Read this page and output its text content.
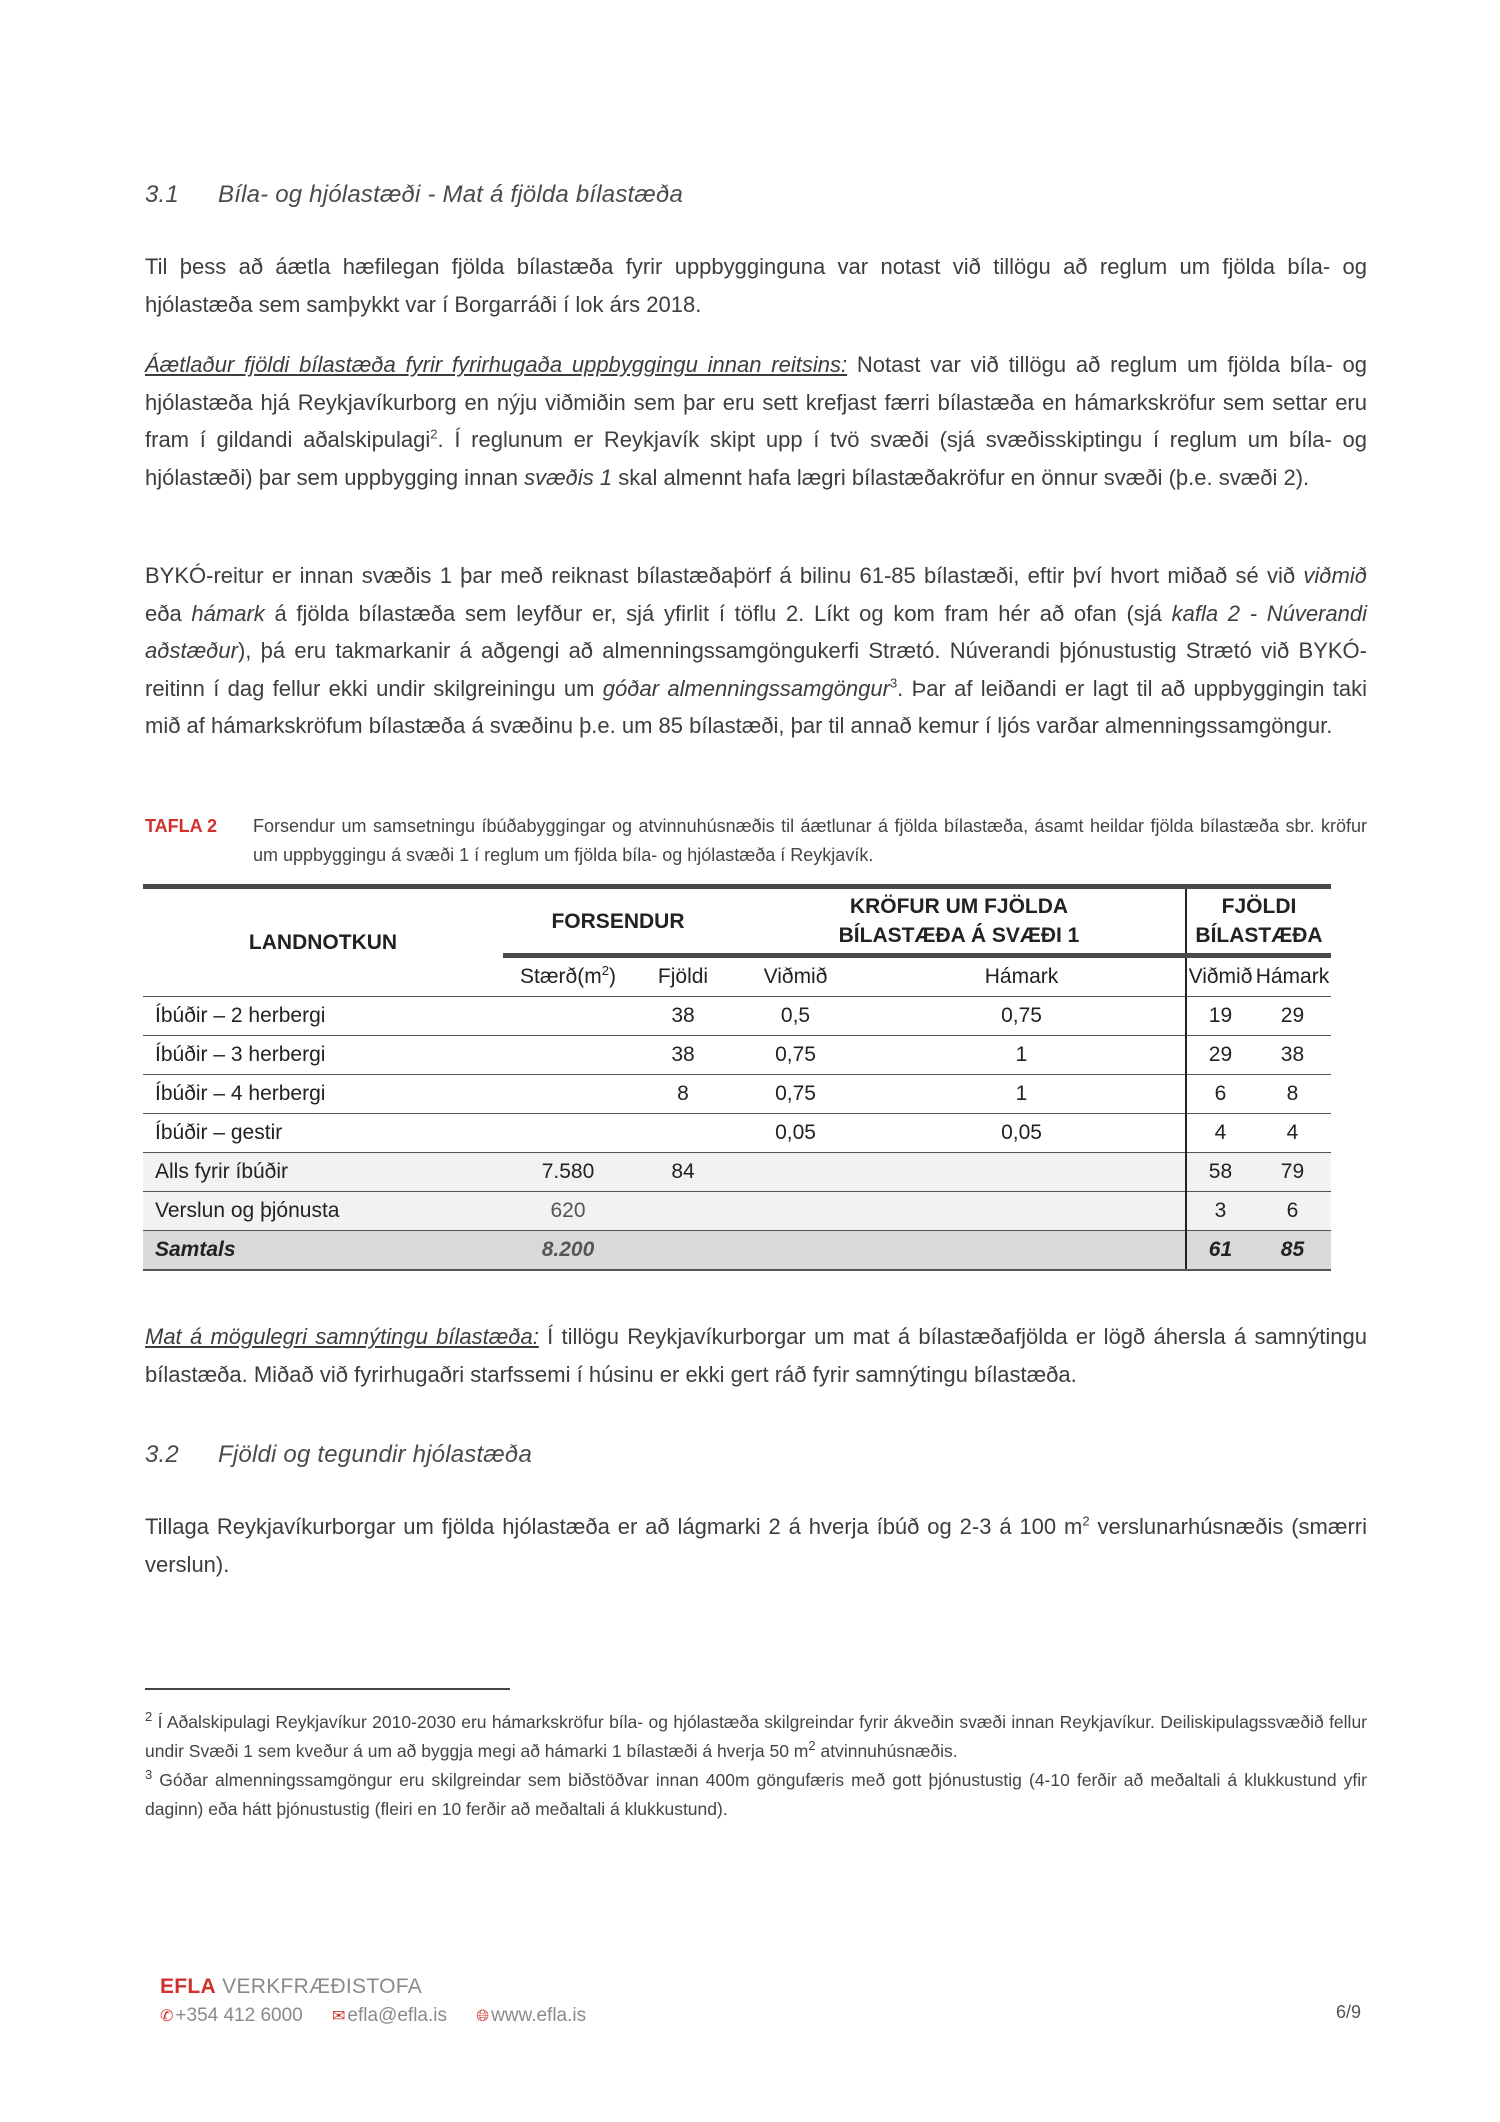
3.1 Bíla- og hjólastæði - Mat á fjölda bílastæða

Til þess að áætla hæfilegan fjölda bílastæða fyrir uppbygginguna var notast við tillögu að reglum um fjölda bíla- og hjólastæða sem samþykkt var í Borgarráði í lok árs 2018.

Áætlaður fjöldi bílastæða fyrir fyrirhugaða uppbyggingu innan reitsins: Notast var við tillögu að reglum um fjölda bíla- og hjólastæða hjá Reykjavíkurborg en nýju viðmiðin sem þar eru sett krefjast færri bílastæða en hámarkskröfur sem settar eru fram í gildandi aðalskipulagi$^2$. Í reglunum er Reykjavík skipt upp í tvö svæði (sjá svæðisskiptingu í reglum um bíla- og hjólastæði) þar sem uppbygging innan svæðis 1 skal almennt hafa lægri bílastæðakröfur en önnur svæði (þ.e. svæði 2).

BYKÓ-reitur er innan svæðis 1 þar með reiknast bílastæðaþörf á bilinu 61-85 bílastæði, eftir því hvort miðað sé við viðmið eða hámark á fjölda bílastæða sem leyfður er, sjá yfirlit í töflu 2. Líkt og kom fram hér að ofan (sjá kafla 2 - Núverandi aðstæður), þá eru takmarkanir á aðgengi að almenningssamgöngukerfi Strætó. Núverandi þjónustustig Strætó við BYKÓ-reitinn í dag fellur ekki undir skilgreiningu um góðar almenningssamgöngur$^3$. Þar af leiðandi er lagt til að uppbyggingin taki mið af hámarkskröfum bílastæða á svæðinu þ.e. um 85 bílastæði, þar til annað kemur í ljós varðar almenningssamgöngur.

TAFLA 2 Forsendur um samsetningu íbúðabyggingar og atvinnuhúsnæðis til áætlunar á fjölda bílastæða, ásamt heildar fjölda bílastæða sbr. kröfur um uppbyggingu á svæði 1 í reglum um fjölda bíla- og hjólastæða í Reykjavík.
LANDNOTKUN	FORSENDUR		KRÖFUR UM FJÖLDA
BÍLASTÆÐA Á SVÆÐI 1		FJÖLDI BÍLASTÆÐA	
	$Stærð(m^2)$	Fjöldi	Viðmið	Hámark	Viðmið	Hámark
Íbúðir – 2 herbergi		38	0,5	0,75	19	29
Íbúðir – 3 herbergi		38	0,75	1	29	38
Íbúðir – 4 herbergi		8	0,75	1	6	8
Íbúðir – gestir			0,05	0,05	4	4
Alls fyrir íbúðir	7.580	84			58	79
Verslun og þjónusta	620				3	6
Samtals	8.200				61	85

Mat á mögulegri samnýtingu bílastæða: Í tillögu Reykjavíkurborgar um mat á bílastæðafjölda er lögð áhersla á samnýtingu bílastæða. Miðað við fyrirhugaðri starfssemi í húsinu er ekki gert ráð fyrir samnýtingu bílastæða.

3.2 Fjöldi og tegundir hjólastæða

Tillaga Reykjavíkurborgar um fjölda hjólastæða er að lágmarki 2 á hverja íbúð og 2-3 á 100 $m^2$ verslunarhúsnæðis (smærri verslun).

$^2$ Í Aðalskipulagi Reykjavíkur 2010-2030 eru hámarkskröfur bíla- og hjólastæða skilgreindar fyrir ákveðin svæði innan Reykjavíkur. Deiliskipulagssvæðið fellur undir Svæði 1 sem kveður á um að byggja megi að hámarki 1 bílastæði á hverja 50 $m^2$ atvinnuhúsnæðis.

$^3$ Góðar almenningssamgöngur eru skilgreindar sem biðstöðvar innan 400m göngufæris með gott þjónustustig (4-10 ferðir að meðaltali á klukkustund yfir daginn) eða hátt þjónustustig (fleiri en 10 ferðir að meðaltali á klukkustund).

EFLA VERKFRÆÐISTOFA
✆ +354 412 6000 ✉ efla@efla.is 🌐︎ www.efla.is	6/9
